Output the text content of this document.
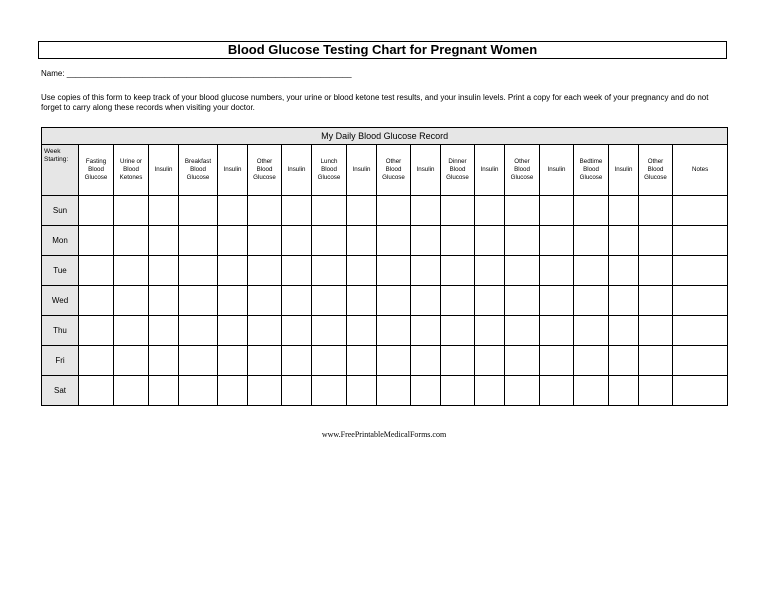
Blood Glucose Testing Chart for Pregnant Women
Name: ________________________________________________________________
Use copies of this form to keep track of your blood glucose numbers, your urine or blood ketone test results, and your insulin levels. Print a copy for each week of your pregnancy and do not forget to carry along these records when visiting your doctor.
My Daily Blood Glucose Record																			

Week
Starting:	Fasting
Blood
Glucose	Urine or
Blood
Ketones	Insulin	Breakfast
Blood
Glucose	Insulin	Other
Blood
Glucose	Insulin	Lunch
Blood
Glucose	Insulin	Other
Blood
Glucose	Insulin	Dinner
Blood
Glucose	Insulin	Other
Blood
Glucose	Insulin	Bedtime
Blood
Glucose	Insulin	Other
Blood
Glucose	Notes

Sun																			
Mon																			
Tue																			
Wed																			
Thu																			
Fri																			
Sat																			
www.FreePrintableMedicalForms.com
